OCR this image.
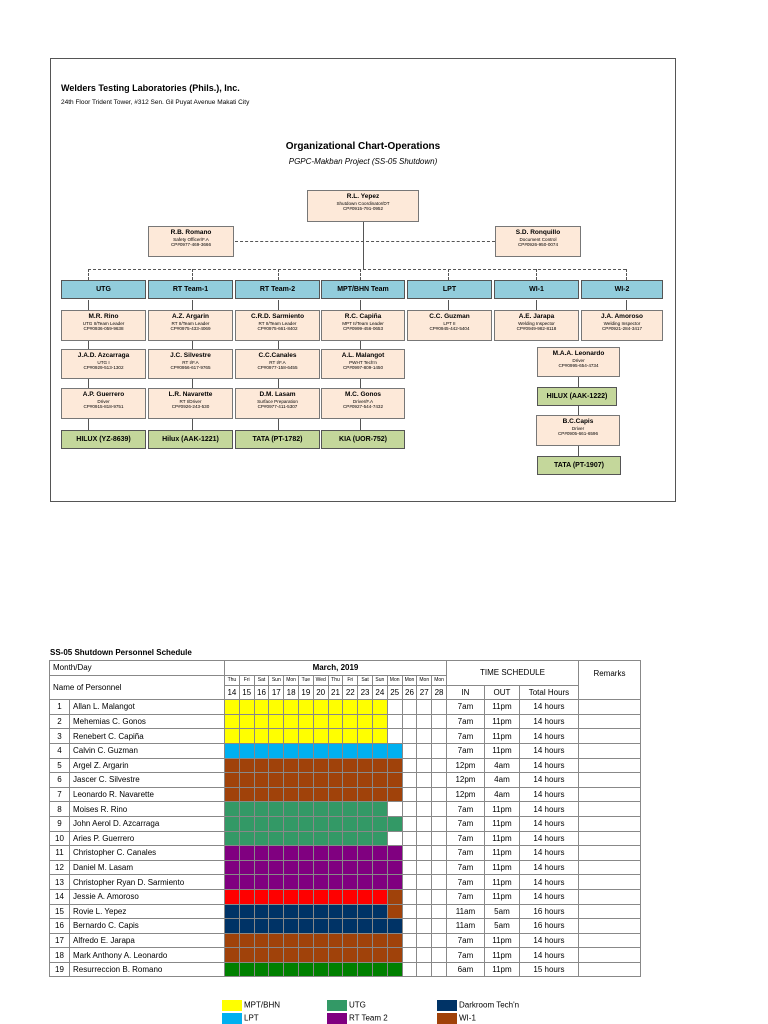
Welders Testing Laboratories (Phils.), Inc.
24th Floor Trident Tower, #312 Sen. Gil Puyat Avenue Makati City
Organizational Chart-Operations
PGPC-Makban Project (SS-05 Shutdown)
R.L. Yepez
Shutdown Coordinator/DT
CP#0915-791-0952
R.B. Romano
Safety Officer/F.A
CP#0977-469-3666
S.D. Ronquillo
Document Control
CP#0926-950-0074
UTG	RT Team-1	RT Team-2	MPT/BHN Team	LPT	WI-1	WI-2
M.R. Rino
UTG II/Team Leader
CP#0936-059-9638
A.Z. Argarin
RT II/Team Leader
CP#0975-433-4069
C.R.D. Sarmiento
RT II/Team Leader
CP#0975-661-8402
R.C. Capiña
MPT II/Team Leader
CP#0999-456-0653
C.C. Guzman
LPT II
CP#0945-442-5404
A.E. Jarapa
Welding Inspector
CP#0949-982-8118
J.A. Amoroso
Welding Inspector
CP#0921-284-3417
J.A.D. Azcarraga
UTG I
CP#0929-513-1302
J.C. Silvestre
RT I/F.A
CP#0956-617-9765
C.C.Canales
RT I/F.A
CP#0977-158-6455
A.L. Malangot
PWHT Tech'n
CP#0997-809-1450
M.A.A. Leonardo
Driver
CP#0995-654-4734
A.P. Guerrero
Driver
CP#0915-818-9751
L.R. Navarette
RT I/Driver
CP#0926-243-530
D.M. Lasam
Surface Preparation
CP#0977-411-5307
M.C. Gonos
Driver/F.A
CP#0927-544-7432
HILUX (AAK-1222)
B.C.Capis
Driver
CP#0905-661-6596
HILUX (YZ-8639)	Hilux (AAK-1221)	TATA (PT-1782)	KIA (UOR-752)
TATA (PT-1907)
SS-05 Shutdown Personnel Schedule
Month/Day		March, 2019															TIME SCHEDULE			Remarks
Name of Personnel		Thu	Fri	Sat	Sun	Mon	Tue	Wed	Thu	Fri	Sat	Sun	Mon	Mon	Mon	Mon				
		14	15	16	17	18	19	20	21	22	23	24	25	26	27	28	IN	OUT	Total Hours	
1	Allan L. Malangot																7am	11pm	14 hours	
2	Mehemias C. Gonos																7am	11pm	14 hours	
3	Renebert C. Capiña																7am	11pm	14 hours	
4	Calvin C. Guzman																7am	11pm	14 hours	
5	Argel Z. Argarin																12pm	4am	14 hours	
6	Jascer C. Silvestre																12pm	4am	14 hours	
7	Leonardo R. Navarette																12pm	4am	14 hours	
8	Moises R. Rino																7am	11pm	14 hours	
9	John Aerol D. Azcarraga																7am	11pm	14 hours	
10	Aries P. Guerrero																7am	11pm	14 hours	
11	Christopher C. Canales																7am	11pm	14 hours	
12	Daniel M. Lasam																7am	11pm	14 hours	
13	Christopher Ryan D. Sarmiento																7am	11pm	14 hours	
14	Jessie A. Amoroso																7am	11pm	14 hours	
15	Rovie L. Yepez																11am	5am	16 hours	
16	Bernardo C. Capis																11am	5am	16 hours	
17	Alfredo E. Jarapa																7am	11pm	14 hours	
18	Mark Anthony A. Leonardo																7am	11pm	14 hours	
19	Resurreccion B. Romano																6am	11pm	15 hours	
MPT/BHN	UTG	Darkroom Tech'n
LPT	RT Team 2	WI-1
